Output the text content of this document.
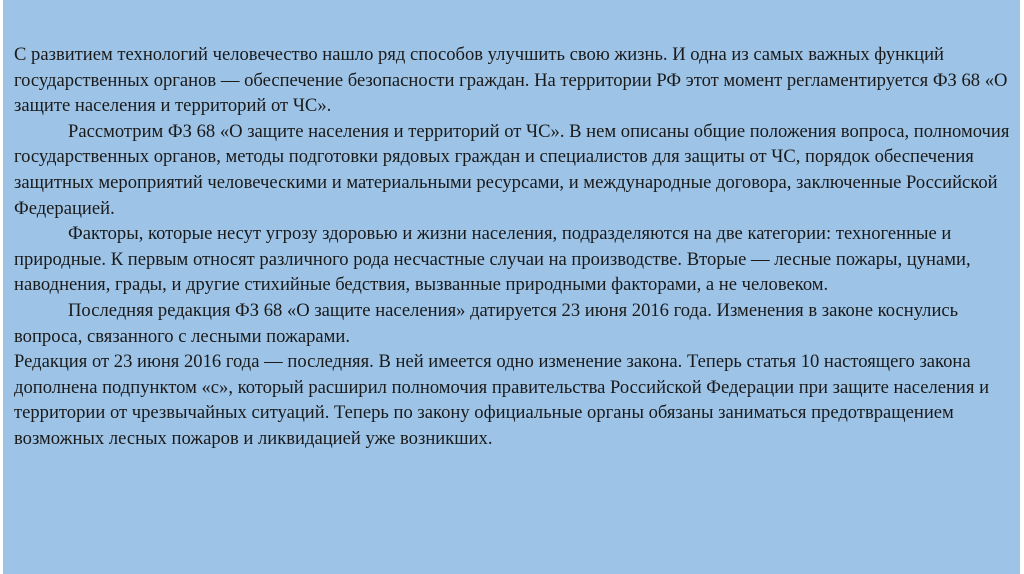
С развитием технологий человечество нашло ряд способов улучшить свою жизнь. И одна из самых важных функций государственных органов — обеспечение безопасности граждан. На территории РФ этот момент регламентируется ФЗ 68 «О защите населения и территорий от ЧС».

Рассмотрим ФЗ 68 «О защите населения и территорий от ЧС». В нем описаны общие положения вопроса, полномочия государственных органов, методы подготовки рядовых граждан и специалистов для защиты от ЧС, порядок обеспечения защитных мероприятий человеческими и материальными ресурсами, и международные договора, заключенные Российской Федерацией.

Факторы, которые несут угрозу здоровью и жизни населения, подразделяются на две категории: техногенные и природные. К первым относят различного рода несчастные случаи на производстве. Вторые — лесные пожары, цунами, наводнения, грады, и другие стихийные бедствия, вызванные природными факторами, а не человеком.

Последняя редакция ФЗ 68 «О защите населения» датируется 23 июня 2016 года. Изменения в законе коснулись вопроса, связанного с лесными пожарами.

Редакция от 23 июня 2016 года — последняя. В ней имеется одно изменение закона. Теперь статья 10 настоящего закона дополнена подпунктом «с», который расширил полномочия правительства Российской Федерации при защите населения и территории от чрезвычайных ситуаций. Теперь по закону официальные органы обязаны заниматься предотвращением возможных лесных пожаров и ликвидацией уже возникших.
